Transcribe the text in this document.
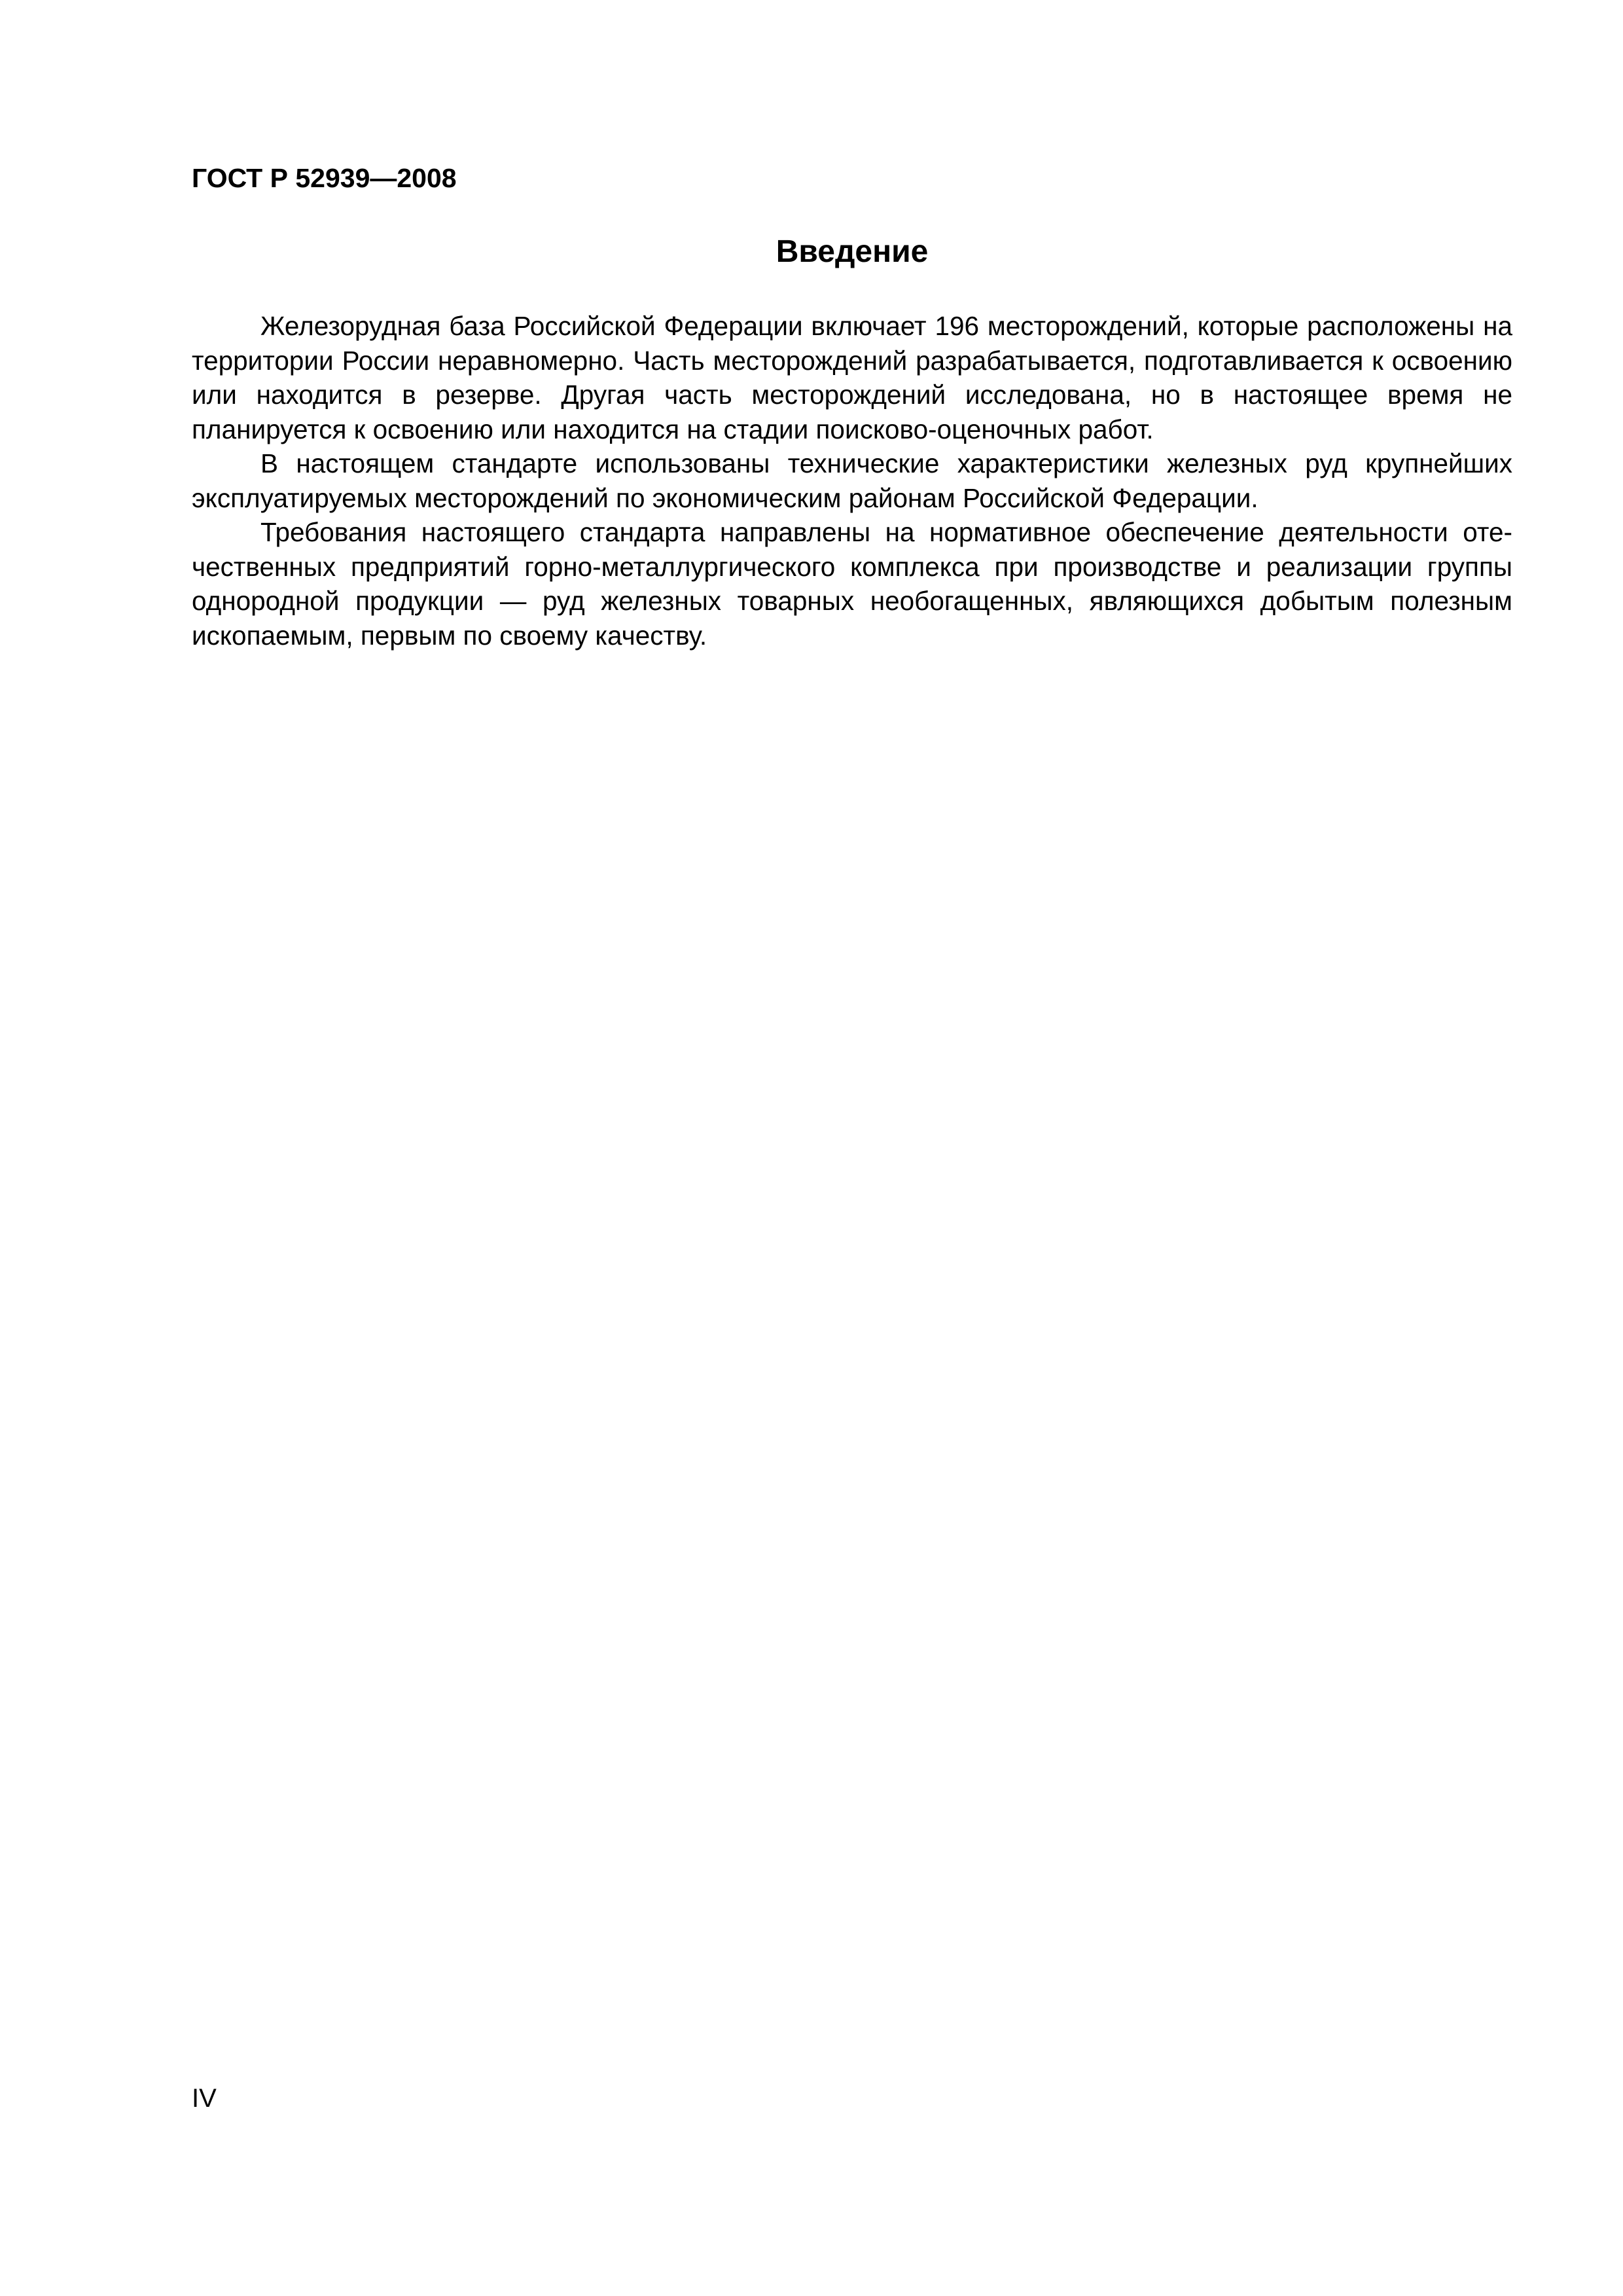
ГОСТ Р 52939—2008
Введение

Железорудная база Российской Федерации включает 196 месторождений, которые расположены на территории России неравномерно. Часть месторождений разрабатывается, подготавливается к освоению или находится в резерве. Другая часть месторождений исследована, но в настоящее время не планируется к освоению или находится на стадии поисково-оценочных работ.

В настоящем стандарте использованы технические характеристики железных руд крупнейших эксплуатируемых месторождений по экономическим районам Российской Федерации.

Требования настоящего стандарта направлены на нормативное обеспечение деятельности отечественных предприятий горно-металлургического комплекса при производстве и реализации группы однородной продукции — руд железных товарных необогащенных, являющихся добытым полезным ископаемым, первым по своему качеству.

IV
